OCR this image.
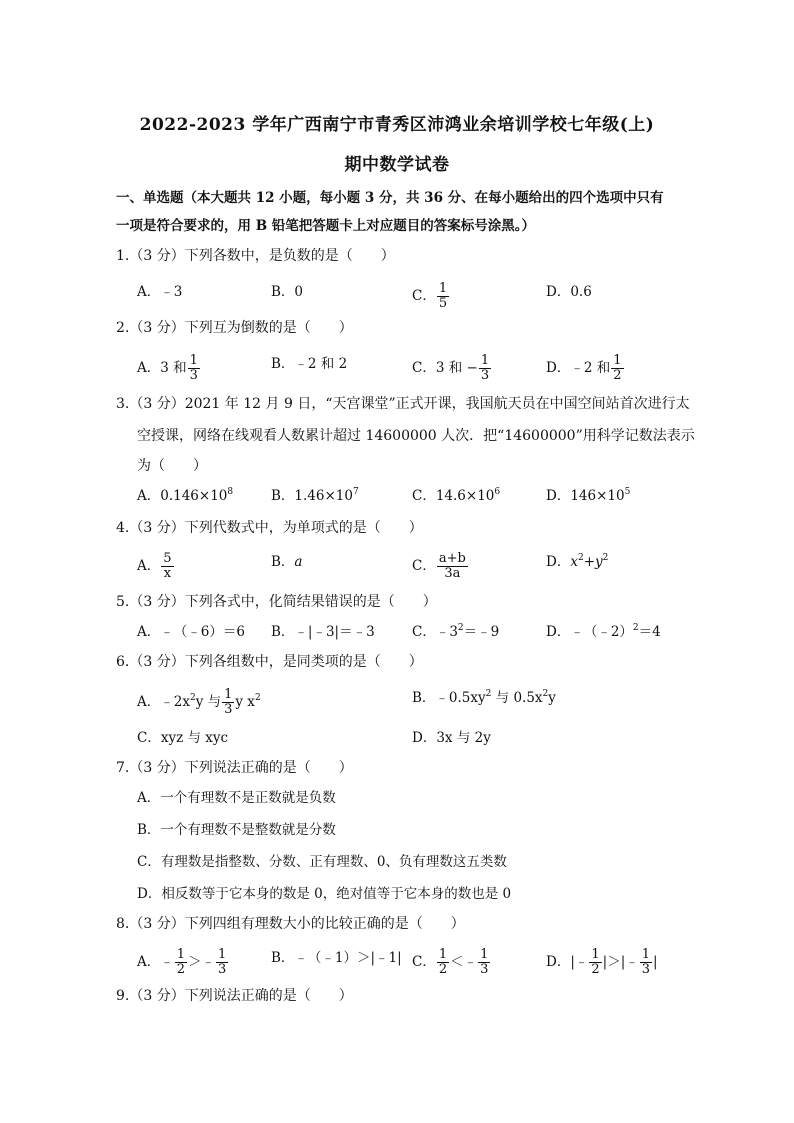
2022-2023 学年广西南宁市青秀区沛鸿业余培训学校七年级(上)
期中数学试卷
一、单选题（本大题共 12 小题，每小题 3 分，共 36 分、在每小题给出的四个选项中只有
一项是符合要求的，用 B 铅笔把答题卡上对应题目的答案标号涂黑。）
1.（3 分）下列各数中，是负数的是（　　）
A．﹣3	B．0	C． $\frac{1}{5}$	D．0.6
2.（3 分）下列互为倒数的是（　　）
A．3 和 $\frac{1}{3}$	B．﹣2 和 2	C．3 和 − $\frac{1}{3}$	D．﹣2 和 $\frac{1}{2}$
3.（3 分）2021 年 12 月 9 日，“天宫课堂”正式开课，我国航天员在中国空间站首次进行太
空授课，网络在线观看人数累计超过 14600000 人次．把“14600000”用科学记数法表示
为（　　）
A．$0.146\times 10^8$	B．$1.46\times 10^7$	C．$14.6\times 10^6$	D．$146\times 10^5$
4.（3 分）下列代数式中，为单项式的是（　　）
A． $\frac{5}{x}$	B．a	C． $\frac{a+b}{3a}$	D．$x^2+y^2$
5.（3 分）下列各式中，化简结果错误的是（　　）
A．﹣（﹣6）＝6 B．﹣|﹣3|＝﹣3	C．$﹣3^2=﹣9$	D．﹣（﹣2）$^2$＝4
6.（3 分）下列各组数中，是同类项的是（　　）
A．$﹣2x^2y$ 与 $\frac{1}{3}$ y $x^2$	B．$﹣0.5xy^2$ 与 $0.5x^2y$
C．xyz 与 xyc	D．3x 与 2y
7.（3 分）下列说法正确的是（　　）
A．一个有理数不是正数就是负数
B．一个有理数不是整数就是分数
C．有理数是指整数、分数、正有理数、0、负有理数这五类数
D．相反数等于它本身的数是 0，绝对值等于它本身的数也是 0
8.（3 分）下列四组有理数大小的比较正确的是（　　）
A．﹣ $\frac{1}{2}$ ＞﹣ $\frac{1}{3}$	B．﹣（﹣1）＞|﹣1| C． $\frac{1}{2}$ ＜﹣ $\frac{1}{3}$	D．|﹣ $\frac{1}{2}$ |＞|﹣ $\frac{1}{3}$ |
9.（3 分）下列说法正确的是（　　）
